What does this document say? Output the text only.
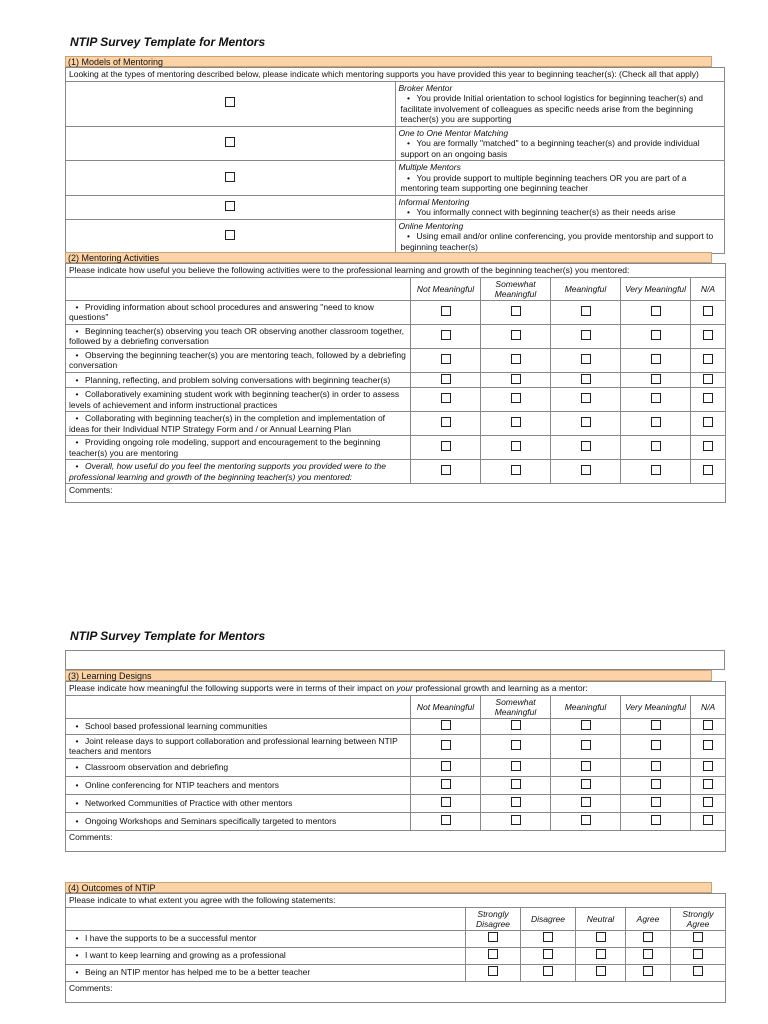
NTIP Survey Template for Mentors
(1) Models of Mentoring
Looking at the types of mentoring described below, please indicate which mentoring supports you have provided this year to beginning teacher(s): (Check all that apply)	

	Broker Mentor
• You provide Initial orientation to school logistics for beginning teacher(s) and facilitate involvement of colleagues as specific needs arise from the beginning teacher(s) you are supporting

	One to One Mentor Matching
• You are formally "matched" to a beginning teacher(s) and provide individual support on an ongoing basis

	Multiple Mentors
• You provide support to multiple beginning teachers OR you are part of a mentoring team supporting one beginning teacher

	Informal Mentoring
• You informally connect with beginning teacher(s) as their needs arise

	Online Mentoring
• Using email and/or online conferencing, you provide mentorship and support to beginning teacher(s)
(2) Mentoring Activities
Please indicate how useful you believe the following activities were to the professional learning and growth of the beginning teacher(s) you mentored:					
	Not Meaningful	Somewhat Meaningful	Meaningful	Very Meaningful	N/A
• Providing information about school procedures and answering "need to know questions"					
• Beginning teacher(s) observing you teach OR observing another classroom together, followed by a debriefing conversation					
• Observing the beginning teacher(s) you are mentoring teach, followed by a debriefing conversation					
• Planning, reflecting, and problem solving conversations with beginning teacher(s)					
• Collaboratively examining student work with beginning teacher(s) in order to assess levels of achievement and inform instructional practices					
• Collaborating with beginning teacher(s) in the completion and implementation of ideas for their Individual NTIP Strategy Form and / or Annual Learning Plan					
• Providing ongoing role modeling, support and encouragement to the beginning teacher(s) you are mentoring					
• Overall, how useful do you feel the mentoring supports you provided were to the professional learning and growth of the beginning teacher(s) you mentored:					
Comments:					
NTIP Survey Template for Mentors
(3) Learning Designs
Please indicate how meaningful the following supports were in terms of their impact on your professional growth and learning as a mentor:					
	Not Meaningful	Somewhat Meaningful	Meaningful	Very Meaningful	N/A
• School based professional learning communities					
• Joint release days to support collaboration and professional learning between NTIP teachers and mentors					
• Classroom observation and debriefing					
• Online conferencing for NTIP teachers and mentors					
• Networked Communities of Practice with other mentors					
• Ongoing Workshops and Seminars specifically targeted to mentors					
Comments:					
(4) Outcomes of NTIP
Please indicate to what extent you agree with the following statements:					
	Strongly Disagree	Disagree	Neutral	Agree	Strongly Agree
• I have the supports to be a successful mentor					
• I want to keep learning and growing as a professional					
• Being an NTIP mentor has helped me to be a better teacher					
Comments:					
